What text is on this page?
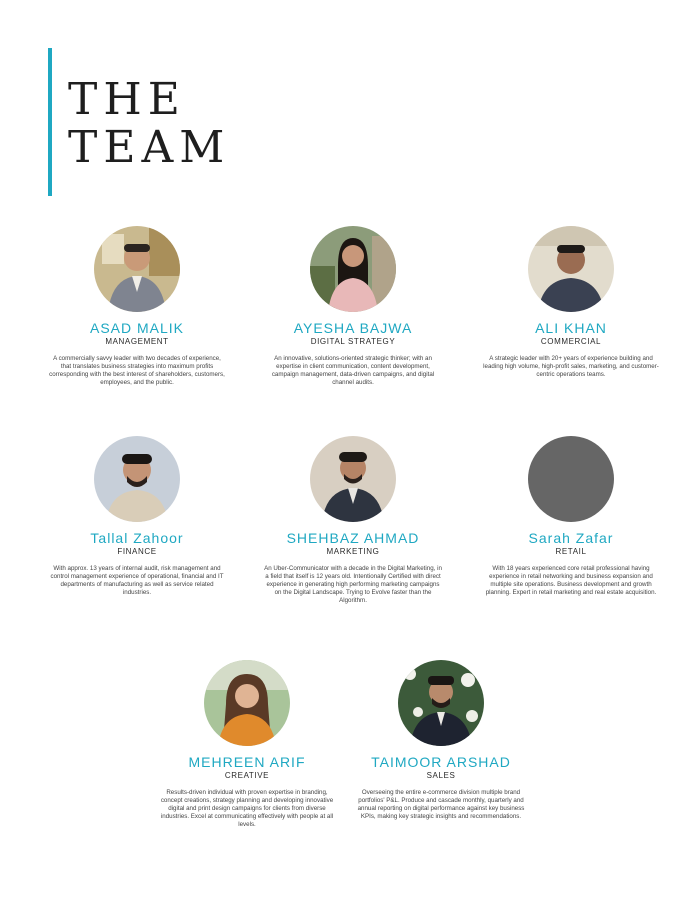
THE
TEAM
ASAD MALIK
MANAGEMENT
A commercially savvy leader with two decades of experience, that translates business strategies into maximum profits corresponding with the best interest of shareholders, customers, employees, and the public.
AYESHA BAJWA
DIGITAL STRATEGY
An innovative, solutions-oriented strategic thinker; with an expertise in client communication, content development, campaign management, data-driven campaigns, and digital channel audits.
ALI KHAN
COMMERCIAL
A strategic leader with 20+ years of experience building and leading high volume, high-profit sales, marketing, and customer-centric operations teams.
Tallal Zahoor
FINANCE
With approx. 13 years of internal audit, risk management and control management experience of operational, financial and IT departments of manufacturing as well as service related industries.
SHEHBAZ AHMAD
MARKETING
An Uber-Communicator with a decade in the Digital Marketing, in a field that itself is 12 years old. Intentionally Certified with direct experience in generating high performing marketing campaigns on the Digital Landscape. Trying to Evolve faster than the Algorithm.
Sarah Zafar
RETAIL
With 18 years experienced core retail professional having experience in retail networking and business expansion and multiple site operations. Business development and growth planning. Expert in retail marketing and real estate acquisition.
MEHREEN ARIF
CREATIVE
Results-driven individual with proven expertise in branding, concept creations, strategy planning and developing innovative digital and print design campaigns for clients from diverse industries. Excel at communicating effectively with people at all levels.
TAIMOOR ARSHAD
SALES
Overseeing the entire e-commerce division multiple brand portfolios' P&L. Produce and cascade monthly, quarterly and annual reporting on digital performance against key business KPIs, making key strategic insights and recommendations.
